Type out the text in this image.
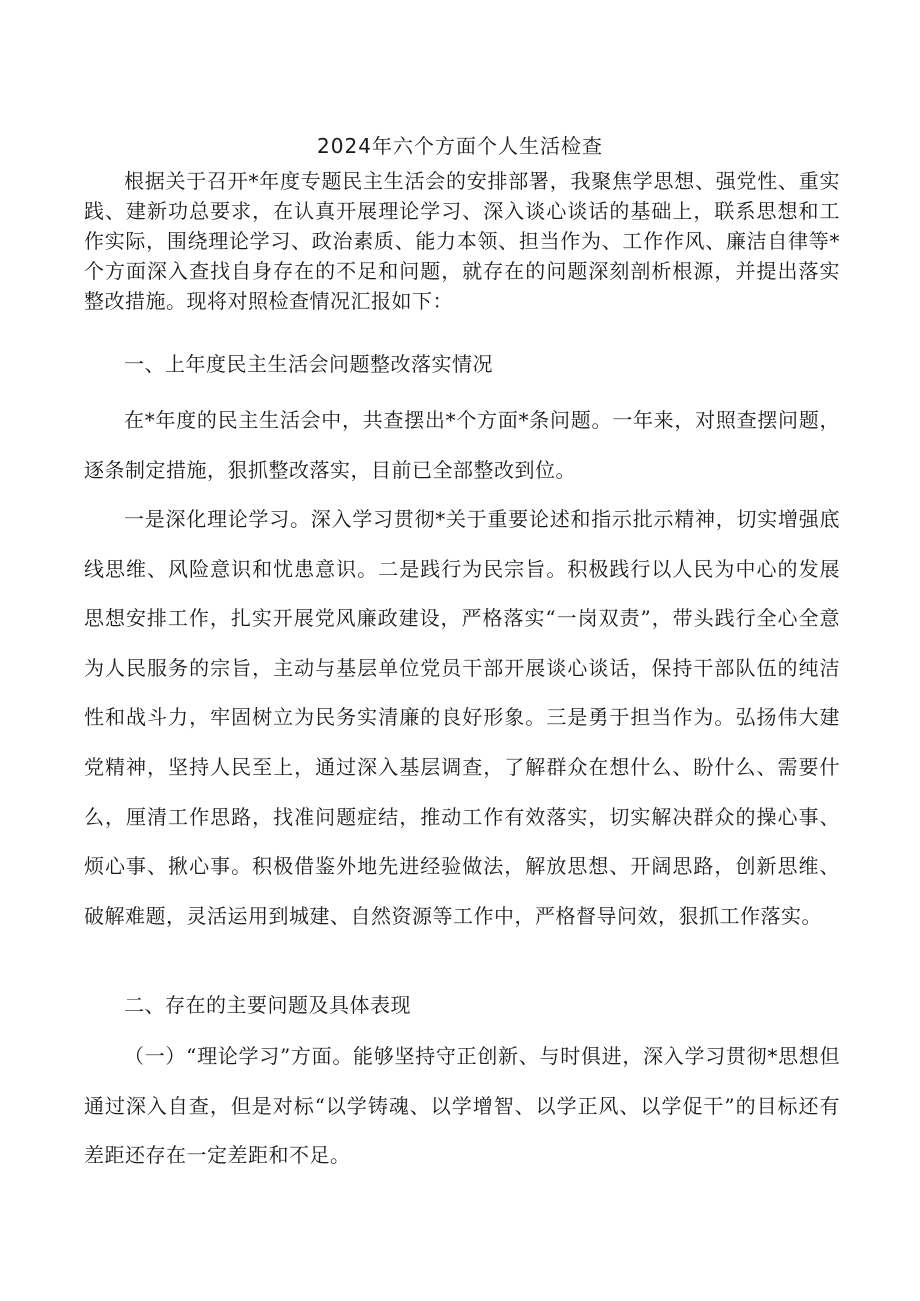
2024年六个方面个人生活检查

根据关于召开*年度专题民主生活会的安排部署，我聚焦学思想、强党性、重实践、建新功总要求，在认真开展理论学习、深入谈心谈话的基础上，联系思想和工作实际，围绕理论学习、政治素质、能力本领、担当作为、工作作风、廉洁自律等*个方面深入查找自身存在的不足和问题，就存在的问题深刻剖析根源，并提出落实整改措施。现将对照检查情况汇报如下：

一、上年度民主生活会问题整改落实情况

在*年度的民主生活会中，共查摆出*个方面*条问题。一年来，对照查摆问题，逐条制定措施，狠抓整改落实，目前已全部整改到位。

一是深化理论学习。深入学习贯彻*关于重要论述和指示批示精神，切实增强底线思维、风险意识和忧患意识。二是践行为民宗旨。积极践行以人民为中心的发展思想安排工作，扎实开展党风廉政建设，严格落实“一岗双责”，带头践行全心全意为人民服务的宗旨，主动与基层单位党员干部开展谈心谈话，保持干部队伍的纯洁性和战斗力，牢固树立为民务实清廉的良好形象。三是勇于担当作为。弘扬伟大建党精神，坚持人民至上，通过深入基层调查，了解群众在想什么、盼什么、需要什么，厘清工作思路，找准问题症结，推动工作有效落实，切实解决群众的操心事、烦心事、揪心事。积极借鉴外地先进经验做法，解放思想、开阔思路，创新思维、破解难题，灵活运用到城建、自然资源等工作中，严格督导问效，狠抓工作落实。

二、存在的主要问题及具体表现

（一）“理论学习”方面。能够坚持守正创新、与时俱进，深入学习贯彻*思想但通过深入自查，但是对标“以学铸魂、以学增智、以学正风、以学促干”的目标还有差距还存在一定差距和不足。
